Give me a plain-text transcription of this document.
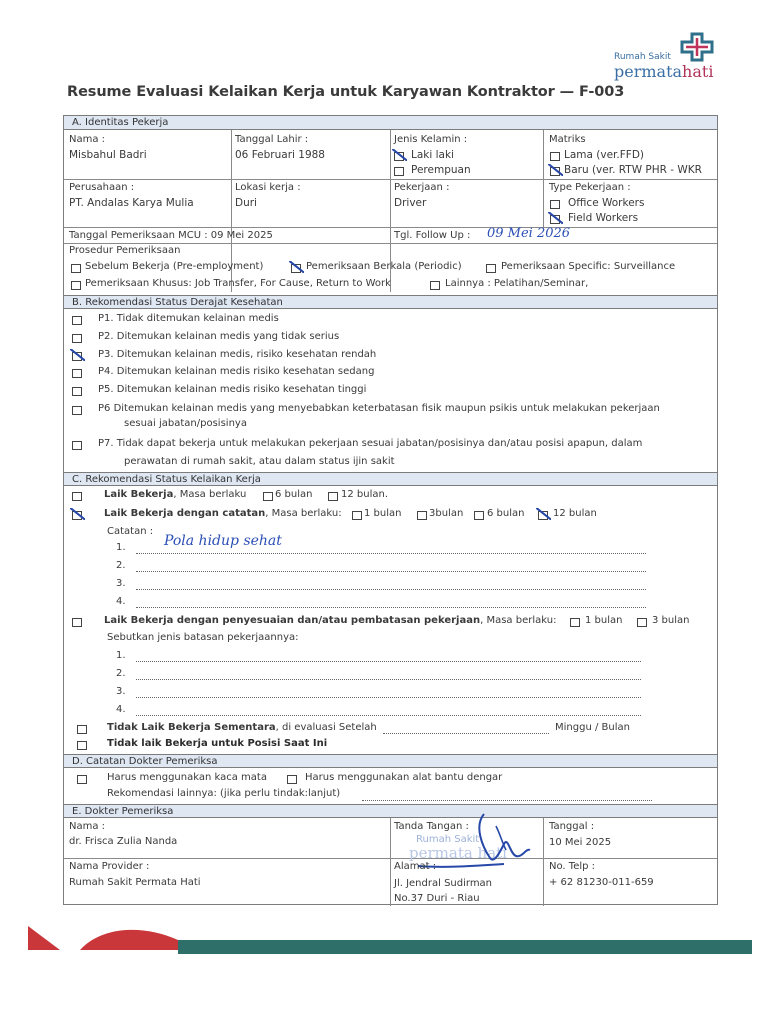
Rumah Sakit
permatahati
Resume Evaluasi Kelaikan Kerja untuk Karyawan Kontraktor — F-003
A. Identitas Pekerja
Nama :
Misbahul Badri
Tanggal Lahir :
06 Februari 1988
Jenis Kelamin :
Laki laki
Perempuan
Matriks
Lama (ver.FFD)
Baru (ver. RTW PHR - WKR
Perusahaan :
PT. Andalas Karya Mulia
Lokasi kerja :
Duri
Pekerjaan :
Driver
Type Pekerjaan :
Office Workers
Field Workers
Tanggal Pemeriksaan MCU : 09 Mei 2025	Tgl. Follow Up : 09 Mei 2026
Prosedur Pemeriksaan
Sebelum Bekerja (Pre-employment)	Pemeriksaan Berkala (Periodic)	Pemeriksaan Specific: Surveillance
Pemeriksaan Khusus: Job Transfer, For Cause, Return to Work	Lainnya : Pelatihan/Seminar,
B. Rekomendasi Status Derajat Kesehatan
P1. Tidak ditemukan kelainan medis
P2. Ditemukan kelainan medis yang tidak serius
P3. Ditemukan kelainan medis, risiko kesehatan rendah
P4. Ditemukan kelainan medis risiko kesehatan sedang
P5. Ditemukan kelainan medis risiko kesehatan tinggi
P6 Ditemukan kelainan medis yang menyebabkan keterbatasan fisik maupun psikis untuk melakukan pekerjaan
sesuai jabatan/posisinya
P7. Tidak dapat bekerja untuk melakukan pekerjaan sesuai jabatan/posisinya dan/atau posisi apapun, dalam
perawatan di rumah sakit, atau dalam status ijin sakit
C. Rekomendasi Status Kelaikan Kerja
Laik Bekerja, Masa berlaku	6 bulan	12 bulan.
Laik Bekerja dengan catatan, Masa berlaku: 1 bulan	3bulan 6 bulan	12 bulan
Catatan :
1.	Pola hidup sehat
2.
3.
4.
Laik Bekerja dengan penyesuaian dan/atau pembatasan pekerjaan, Masa berlaku:	1 bulan	3 bulan
Sebutkan jenis batasan pekerjaannya:
1.
2.
3.
4.
Tidak Laik Bekerja Sementara, di evaluasi Setelah	Minggu / Bulan
Tidak laik Bekerja untuk Posisi Saat Ini
D. Catatan Dokter Pemeriksa
Harus menggunakan kaca mata	Harus menggunakan alat bantu dengar
Rekomendasi lainnya: (jika perlu tindak:lanjut)
E. Dokter Pemeriksa
Nama :
dr. Frisca Zulia Nanda
Tanda Tangan :
Rumah Sakit
permata hati
Tanggal :
10 Mei 2025
Nama Provider :
Rumah Sakit Permata Hati
Alamat :
Jl. Jendral Sudirman
No.37 Duri - Riau
No. Telp :
+ 62 81230-011-659
